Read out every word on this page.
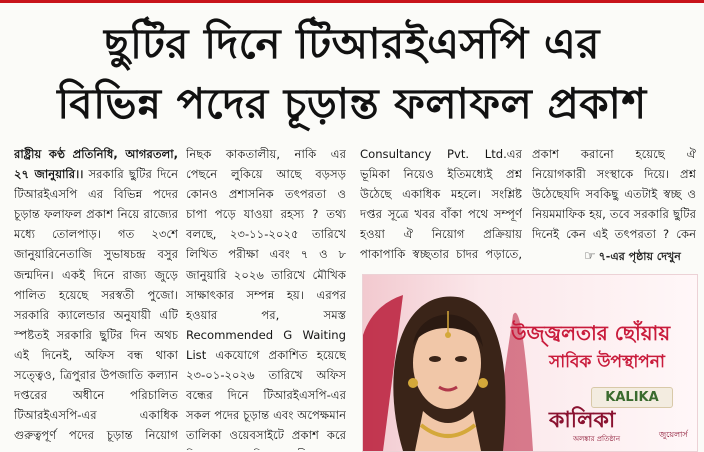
ছুটির দিনে টিআরইএসপি এর
বিভিন্ন পদের চূড়ান্ত ফলাফল প্রকাশ

রাষ্ট্রীয় কণ্ঠ প্রতিনিধি, আগরতলা, ২৭ জানুয়ারি।। সরকারি ছুটির দিনে টিআরইএসপি এর বিভিন্ন পদের চূড়ান্ত ফলাফল প্রকাশ নিয়ে রাজ্যের মধ্যে তোলপাড়। গত ২৩শে জানুয়ারিনেতাজি সুভাষচন্দ্র বসুর জন্মদিন। একই দিনে রাজ্য জুড়ে পালিত হয়েছে সরস্বতী পুজো। সরকারি ক্যালেন্ডার অনুযায়ী এটি স্পষ্টতই সরকারি ছুটির দিন অথচ এই দিনেই, অফিস বন্ধ থাকা সত্ত্বেও, ত্রিপুরার উপজাতি কল্যান দপ্তরের অধীনে পরিচালিত টিআরইএসপি-এর একাধিক গুরুত্বপূর্ণ পদের চূড়ান্ত নিয়োগ

নিছক কাকতালীয়, নাকি এর পেছনে লুকিয়ে আছে বড়সড় কোনও প্রশাসনিক তৎপরতা ও চাপা পড়ে যাওয়া রহস্য ? তথ্য বলছে, ২৩-১১-২০২৫ তারিখে লিখিত পরীক্ষা এবং ৭ ও ৮ জানুয়ারি ২০২৬ তারিখে মৌখিক সাক্ষাৎকার সম্পন্ন হয়। এরপর হওয়ার পর, সমস্ত Recommended G Waiting List একযোগে প্রকাশিত হয়েছে ২৩-০১-২০২৬ তারিখে অফিস বন্ধের দিনে টিআরইএসপি-এর সকল পদের চূড়ান্ত এবং অপেক্ষমান তালিকা ওয়েবসাইটে প্রকাশ করে

Consultancy Pvt. Ltd.এর ভূমিকা নিয়েও ইতিমধ্যেই প্রশ্ন উঠেছে একাধিক মহলে। সংশ্লিষ্ট দপ্তর সূত্রে খবর বাঁকা পথে সম্পূর্ণ হওয়া ঐ নিয়োগ প্রক্রিয়ায় পাকাপাকি স্বচ্ছতার চাদর পড়াতে,

প্রকাশ করানো হয়েছে ঐ নিয়োগকারী সংস্থাকে দিয়ে। প্রশ্ন উঠেছেযদি সবকিছু এতটাই স্বচ্ছ ও নিয়মমাফিক হয়, তবে সরকারি ছুটির দিনেই কেন এই তৎপরতা ? কেন

☞ ৭-এর পৃষ্ঠায় দেখুন
উজ্জ্বলতার ছোঁয়ায়
সাবিক উপস্থাপনা
KALIKA
কালিকা
অলঙ্কার প্রতিষ্ঠান	জুয়েলার্স
